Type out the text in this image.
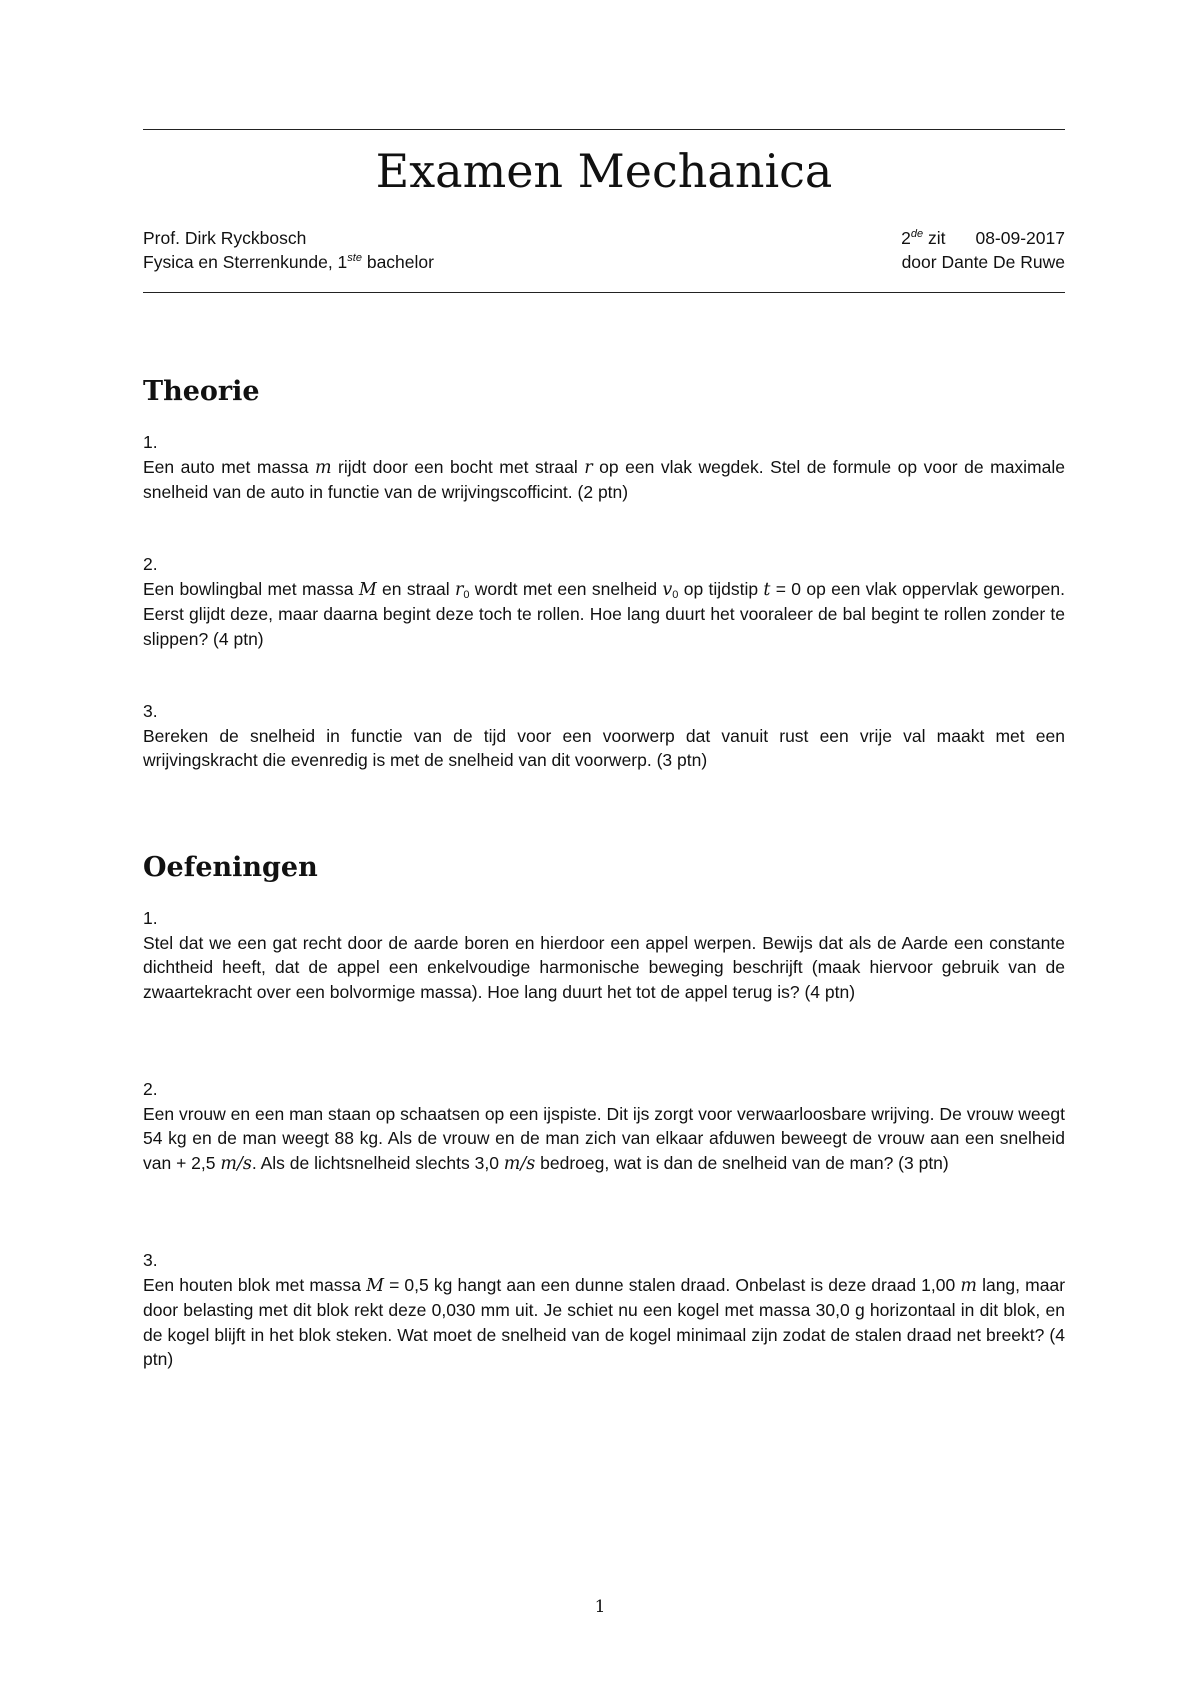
Examen Mechanica
Prof. Dirk Ryckbosch	2de zit 08-09-2017
Fysica en Sterrenkunde, 1ste bachelor	door Dante De Ruwe
Theorie
1.

Een auto met massa m rijdt door een bocht met straal r op een vlak wegdek. Stel de formule op voor de maximale snelheid van de auto in functie van de wrijvingscofficint. (2 ptn)

2.

Een bowlingbal met massa M en straal $r_0$ wordt met een snelheid $v_0$ op tijdstip t = 0 op een vlak oppervlak geworpen. Eerst glijdt deze, maar daarna begint deze toch te rollen. Hoe lang duurt het vooraleer de bal begint te rollen zonder te slippen? (4 ptn)

3.

Bereken de snelheid in functie van de tijd voor een voorwerp dat vanuit rust een vrije val maakt met een wrijvingskracht die evenredig is met de snelheid van dit voorwerp. (3 ptn)

Oefeningen
1.

Stel dat we een gat recht door de aarde boren en hierdoor een appel werpen. Bewijs dat als de Aarde een constante dichtheid heeft, dat de appel een enkelvoudige harmonische beweging beschrijft (maak hiervoor gebruik van de zwaartekracht over een bolvormige massa). Hoe lang duurt het tot de appel terug is? (4 ptn)

2.

Een vrouw en een man staan op schaatsen op een ijspiste. Dit ijs zorgt voor verwaarloosbare wrijving. De vrouw weegt 54 kg en de man weegt 88 kg. Als de vrouw en de man zich van elkaar afduwen beweegt de vrouw aan een snelheid van + 2,5 m/s. Als de lichtsnelheid slechts 3,0 m/s bedroeg, wat is dan de snelheid van de man? (3 ptn)

3.

Een houten blok met massa M = 0,5 kg hangt aan een dunne stalen draad. Onbelast is deze draad 1,00 m lang, maar door belasting met dit blok rekt deze 0,030 mm uit. Je schiet nu een kogel met massa 30,0 g horizontaal in dit blok, en de kogel blijft in het blok steken. Wat moet de snelheid van de kogel minimaal zijn zodat de stalen draad net breekt? (4 ptn)

1
